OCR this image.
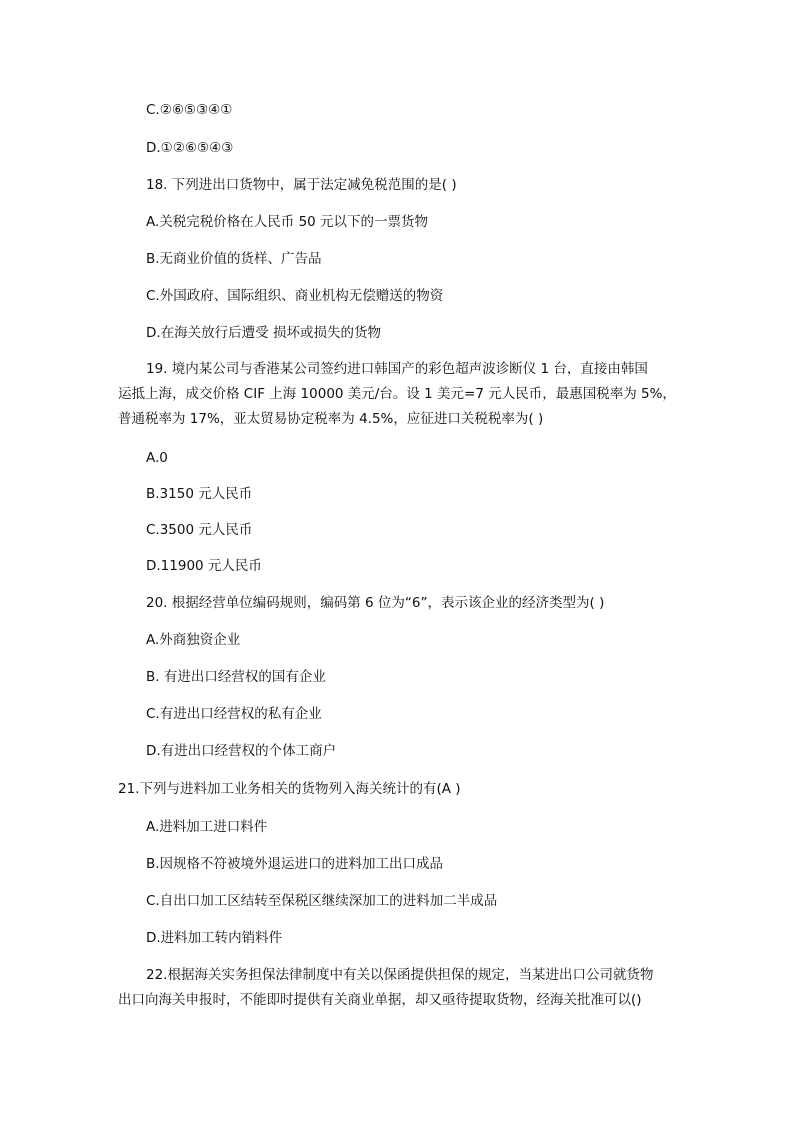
C.②⑥⑤③④①
D.①②⑥⑤④③
18. 下列进出口货物中，属于法定减免税范围的是( )
A.关税完税价格在人民币 50 元以下的一票货物
B.无商业价值的货样、广告品
C.外国政府、国际组织、商业机构无偿赠送的物资
D.在海关放行后遭受 损坏或损失的货物
19. 境内某公司与香港某公司签约进口韩国产的彩色超声波诊断仪 1 台，直接由韩国
运抵上海，成交价格 CIF 上海 10000 美元/台。设 1 美元=7 元人民币，最惠国税率为 5%，
普通税率为 17%，亚太贸易协定税率为 4.5%，应征进口关税税率为( )
A.0
B.3150 元人民币
C.3500 元人民币
D.11900 元人民币
20. 根据经营单位编码规则，编码第 6 位为“6”，表示该企业的经济类型为( )
A.外商独资企业
B. 有进出口经营权的国有企业
C.有进出口经营权的私有企业
D.有进出口经营权的个体工商户
21.下列与进料加工业务相关的货物列入海关统计的有(A )
A.进料加工进口料件
B.因规格不符被境外退运进口的进料加工出口成品
C.自出口加工区结转至保税区继续深加工的进料加二半成品
D.进料加工转内销料件
22.根据海关实务担保法律制度中有关以保函提供担保的规定，当某进出口公司就货物
出口向海关申报时，不能即时提供有关商业单据，却又亟待提取货物，经海关批准可以()
